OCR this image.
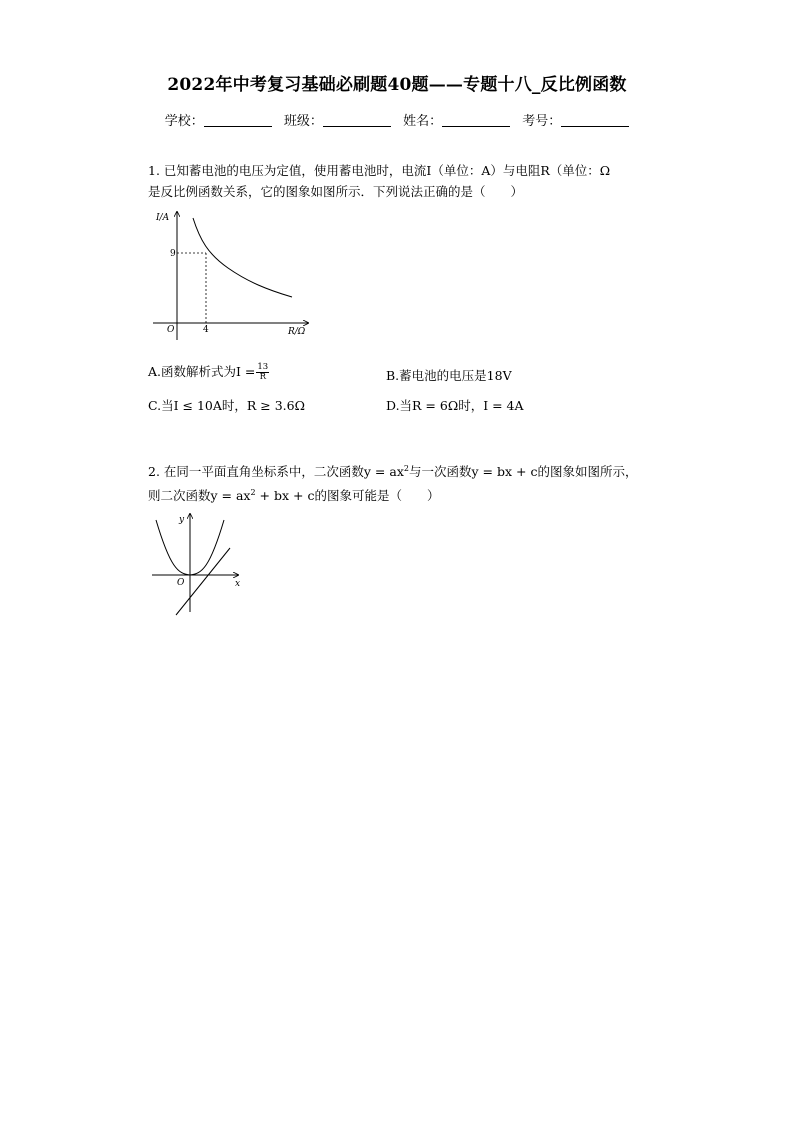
2022年中考复习基础必刷题40题——专题十八_反比例函数
学校：	班级：	姓名：	考号：
1. 已知蓄电池的电压为定值，使用蓄电池时，电流I（单位：A）与电阻R（单位：Ω
是反比例函数关系，它的图象如图所示．下列说法正确的是（　　）
I/A
R/Ω
O
9
4
A.函数解析式为$I = \frac{13}{R}$	B.蓄电池的电压是18V
C.当I ≤ 10A时，R ≥ 3.6Ω	D.当R = 6Ω时，I = 4A
2. 在同一平面直角坐标系中，二次函数$y = ax^2$与一次函数y = bx + c的图象如图所示，
则二次函数$y = ax^2$ + bx + c的图象可能是（　　）
y
x
O
